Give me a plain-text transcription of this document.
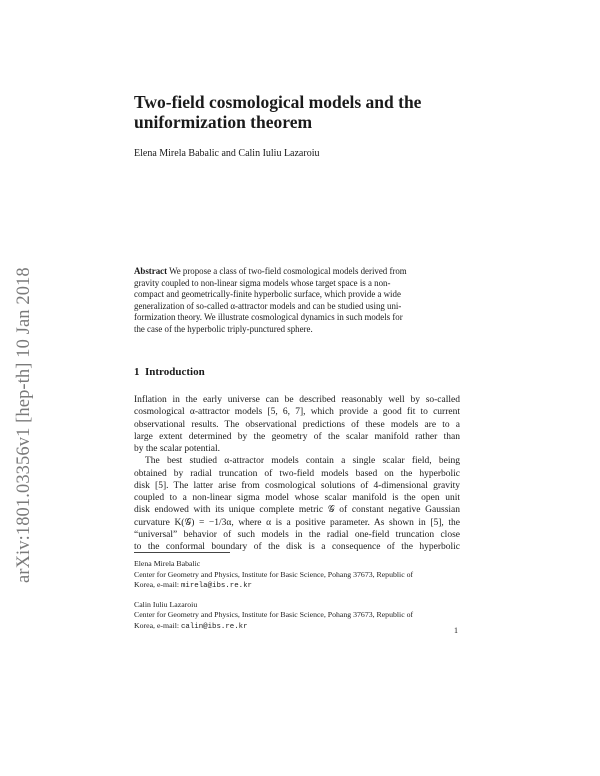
arXiv:1801.03356v1 [hep-th] 10 Jan 2018
Two-field cosmological models and the
uniformization theorem
Elena Mirela Babalic and Calin Iuliu Lazaroiu

Abstract We propose a class of two-field cosmological models derived from
gravity coupled to non-linear sigma models whose target space is a non-
compact and geometrically-finite hyperbolic surface, which provide a wide
generalization of so-called α-attractor models and can be studied using uni-
formization theory. We illustrate cosmological dynamics in such models for
the case of the hyperbolic triply-punctured sphere.

1 Introduction
Inflation in the early universe can be described reasonably well by so-called
cosmological α-attractor models [5, 6, 7], which provide a good fit to current
observational results. The observational predictions of these models are to a
large extent determined by the geometry of the scalar manifold rather than
by the scalar potential.
The best studied α-attractor models contain a single scalar field, being
obtained by radial truncation of two-field models based on the hyperbolic
disk [5]. The latter arise from cosmological solutions of 4-dimensional gravity
coupled to a non-linear sigma model whose scalar manifold is the open unit
disk endowed with its unique complete metric 𝒢 of constant negative Gaussian
curvature K(𝒢) = −1/3α, where α is a positive parameter. As shown in [5], the
“universal” behavior of such models in the radial one-field truncation close
to the conformal boundary of the disk is a consequence of the hyperbolic
Elena Mirela Babalic
Center for Geometry and Physics, Institute for Basic Science, Pohang 37673, Republic of
Korea, e-mail: mirela@ibs.re.kr
Calin Iuliu Lazaroiu
Center for Geometry and Physics, Institute for Basic Science, Pohang 37673, Republic of
Korea, e-mail: calin@ibs.re.kr	1
